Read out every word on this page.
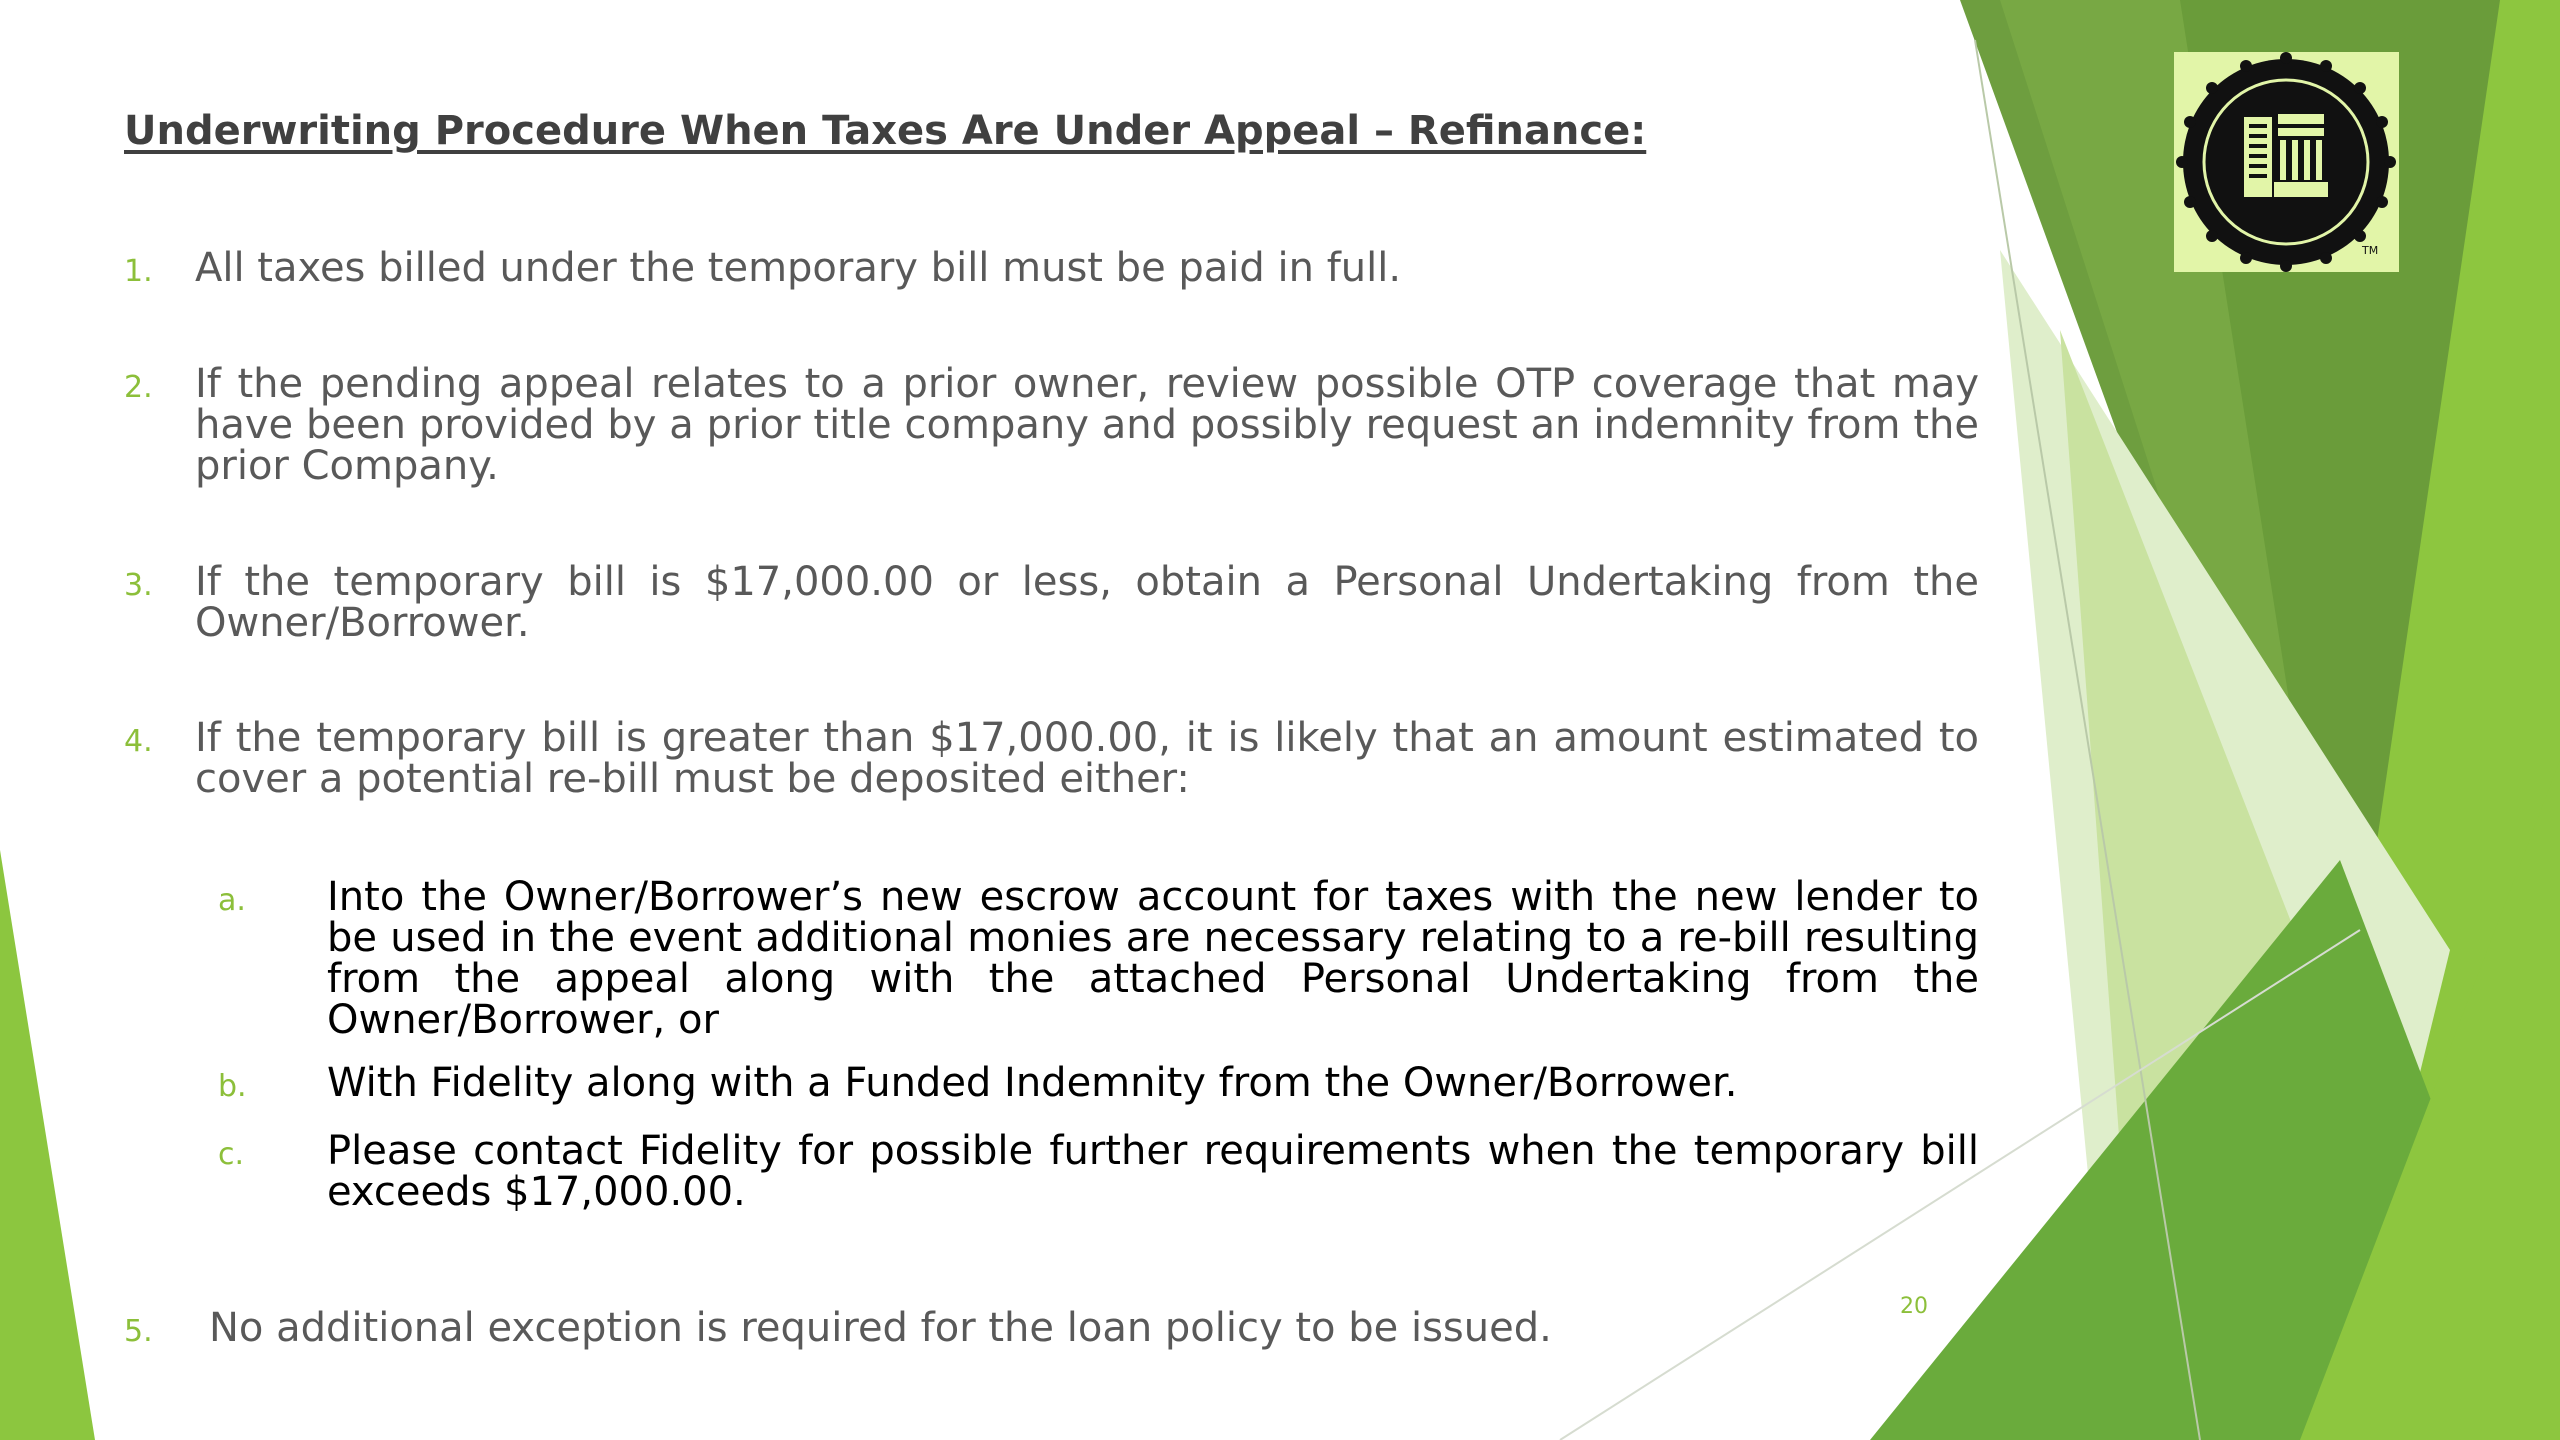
TM
Underwriting Procedure When Taxes Are Under Appeal – Refinance:
1. All taxes billed under the temporary bill must be paid in full.
2. If the pending appeal relates to a prior owner, review possible OTP coverage that may have been provided by a prior title company and possibly request an indemnity from the prior Company.
3. If the temporary bill is $17,000.00 or less, obtain a Personal Undertaking from the Owner/Borrower.
4. If the temporary bill is greater than $17,000.00, it is likely that an amount estimated to cover a potential re-bill must be deposited either:
a. Into the Owner/Borrower’s new escrow account for taxes with the new lender to be used in the event additional monies are necessary relating to a re-bill resulting from the appeal along with the attached Personal Undertaking from the Owner/Borrower, or
b. With Fidelity along with a Funded Indemnity from the Owner/Borrower.
c. Please contact Fidelity for possible further requirements when the temporary bill exceeds $17,000.00.
5. No additional exception is required for the loan policy to be issued.	20
